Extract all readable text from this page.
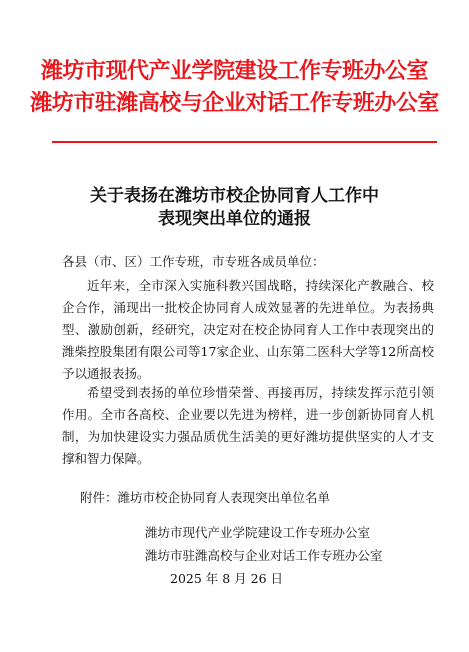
潍坊市现代产业学院建设工作专班办公室
潍坊市驻潍高校与企业对话工作专班办公室
关于表扬在潍坊市校企协同育人工作中
表现突出单位的通报
各县（市、区）工作专班，市专班各成员单位：

近年来，全市深入实施科教兴国战略，持续深化产教融合、校企合作，涌现出一批校企协同育人成效显著的先进单位。为表扬典型、激励创新，经研究，决定对在校企协同育人工作中表现突出的潍柴控股集团有限公司等17家企业、山东第二医科大学等12所高校予以通报表扬。

希望受到表扬的单位珍惜荣誉、再接再厉，持续发挥示范引领作用。全市各高校、企业要以先进为榜样，进一步创新协同育人机制，为加快建设实力强品质优生活美的更好潍坊提供坚实的人才支撑和智力保障。

附件：潍坊市校企协同育人表现突出单位名单
潍坊市现代产业学院建设工作专班办公室
潍坊市驻潍高校与企业对话工作专班办公室
2025 年 8 月 26 日
